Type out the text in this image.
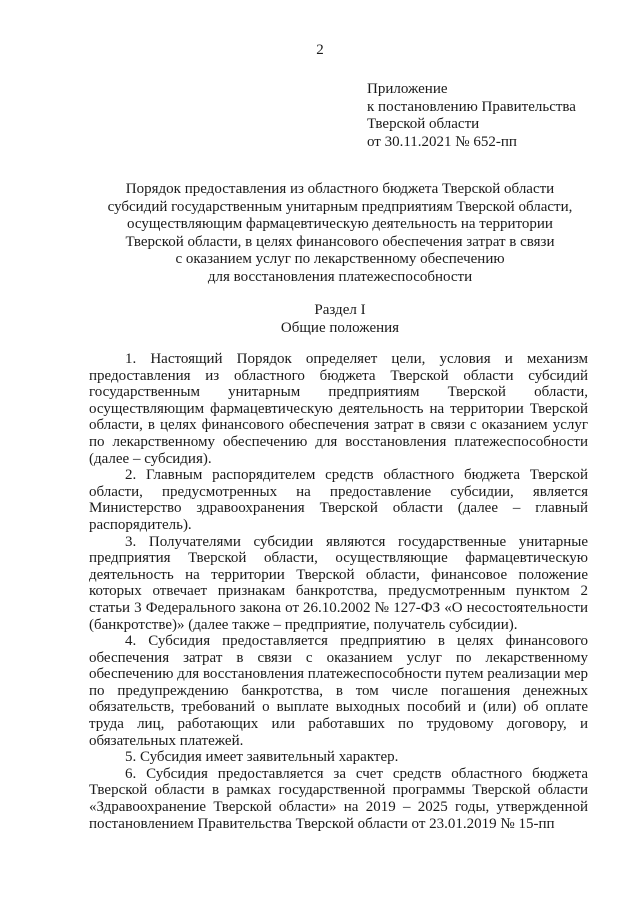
2
Приложение
к постановлению Правительства
Тверской области
от 30.11.2021 № 652-пп
Порядок предоставления из областного бюджета Тверской области
субсидий государственным унитарным предприятиям Тверской области,
осуществляющим фармацевтическую деятельность на территории
Тверской области, в целях финансового обеспечения затрат в связи
с оказанием услуг по лекарственному обеспечению
для восстановления платежеспособности
Раздел I
Общие положения

1. Настоящий Порядок определяет цели, условия и механизм предоставления из областного бюджета Тверской области субсидий государственным унитарным предприятиям Тверской области, осуществляющим фармацевтическую деятельность на территории Тверской области, в целях финансового обеспечения затрат в связи с оказанием услуг по лекарственному обеспечению для восстановления платежеспособности (далее – субсидия).

2. Главным распорядителем средств областного бюджета Тверской области, предусмотренных на предоставление субсидии, является Министерство здравоохранения Тверской области (далее – главный распорядитель).

3. Получателями субсидии являются государственные унитарные предприятия Тверской области, осуществляющие фармацевтическую деятельность на территории Тверской области, финансовое положение которых отвечает признакам банкротства, предусмотренным пунктом 2 статьи 3 Федерального закона от 26.10.2002 № 127-ФЗ «О несостоятельности (банкротстве)» (далее также – предприятие, получатель субсидии).

4. Субсидия предоставляется предприятию в целях финансового обеспечения затрат в связи с оказанием услуг по лекарственному обеспечению для восстановления платежеспособности путем реализации мер по предупреждению банкротства, в том числе погашения денежных обязательств, требований о выплате выходных пособий и (или) об оплате труда лиц, работающих или работавших по трудовому договору, и обязательных платежей.

5. Субсидия имеет заявительный характер.

6. Субсидия предоставляется за счет средств областного бюджета Тверской области в рамках государственной программы Тверской области «Здравоохранение Тверской области» на 2019 – 2025 годы, утвержденной постановлением Правительства Тверской области от 23.01.2019 № 15-пп
